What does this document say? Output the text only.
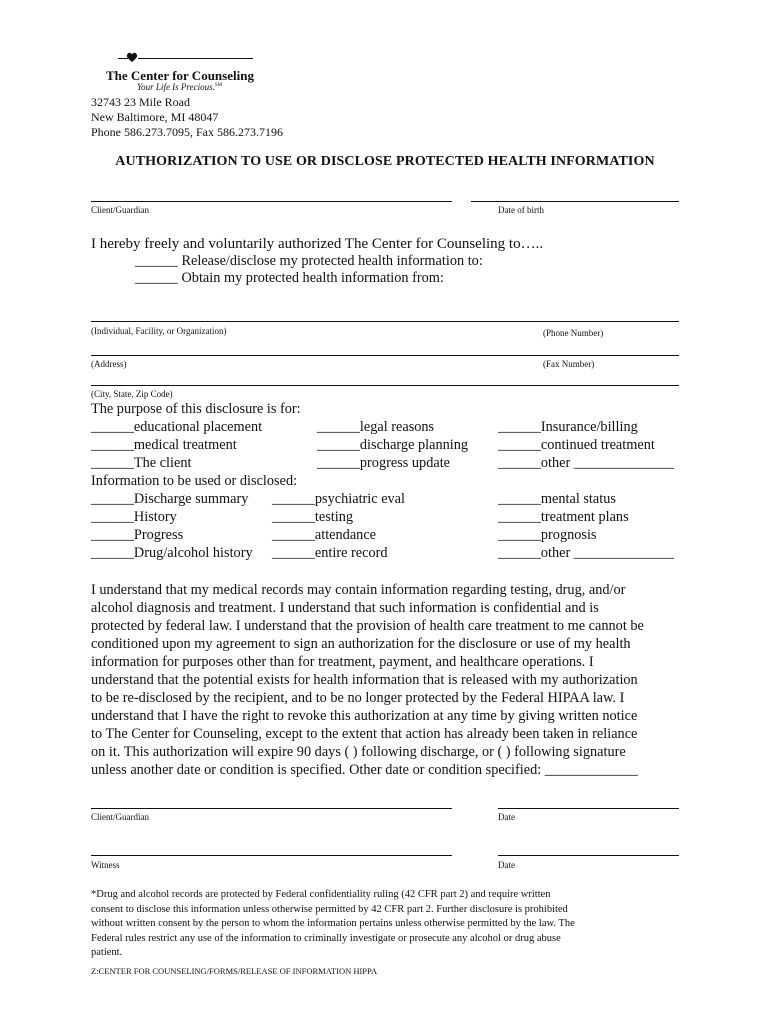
The Center for Counseling
Your Life Is Precious.℠
32743 23 Mile Road
New Baltimore, MI 48047
Phone 586.273.7095, Fax 586.273.7196
AUTHORIZATION TO USE OR DISCLOSE PROTECTED HEALTH INFORMATION
Client/Guardian	Date of birth
I hereby freely and voluntarily authorized The Center for Counseling to…..
______ Release/disclose my protected health information to:
______ Obtain my protected health information from:
(Individual, Facility, or Organization)	(Phone Number)
(Address)	(Fax Number)
(City, State, Zip Code)
The purpose of this disclosure is for:
______educational placement	______legal reasons	______Insurance/billing
______medical treatment	______discharge planning ______continued treatment
______The client	______progress update	______other ______________
Information to be used or disclosed:
______Discharge summary ______psychiatric eval	______mental status
______History	______testing	______treatment plans
______Progress	______attendance	______prognosis
______Drug/alcohol history ______entire record	______other ______________
I understand that my medical records may contain information regarding testing, drug, and/or
alcohol diagnosis and treatment. I understand that such information is confidential and is
protected by federal law. I understand that the provision of health care treatment to me cannot be
conditioned upon my agreement to sign an authorization for the disclosure or use of my health
information for purposes other than for treatment, payment, and healthcare operations. I
understand that the potential exists for health information that is released with my authorization
to be re-disclosed by the recipient, and to be no longer protected by the Federal HIPAA law. I
understand that I have the right to revoke this authorization at any time by giving written notice
to The Center for Counseling, except to the extent that action has already been taken in reliance
on it. This authorization will expire 90 days ( ) following discharge, or ( ) following signature
unless another date or condition is specified. Other date or condition specified: _____________
Client/Guardian	Date
Witness	Date
*Drug and alcohol records are protected by Federal confidentiality ruling (42 CFR part 2) and require written
consent to disclose this information unless otherwise permitted by 42 CFR part 2. Further disclosure is prohibited
without written consent by the person to whom the information pertains unless otherwise permitted by the law. The
Federal rules restrict any use of the information to criminally investigate or prosecute any alcohol or drug abuse
patient.
Z:CENTER FOR COUNSELING/FORMS/RELEASE OF INFORMATION HIPPA
